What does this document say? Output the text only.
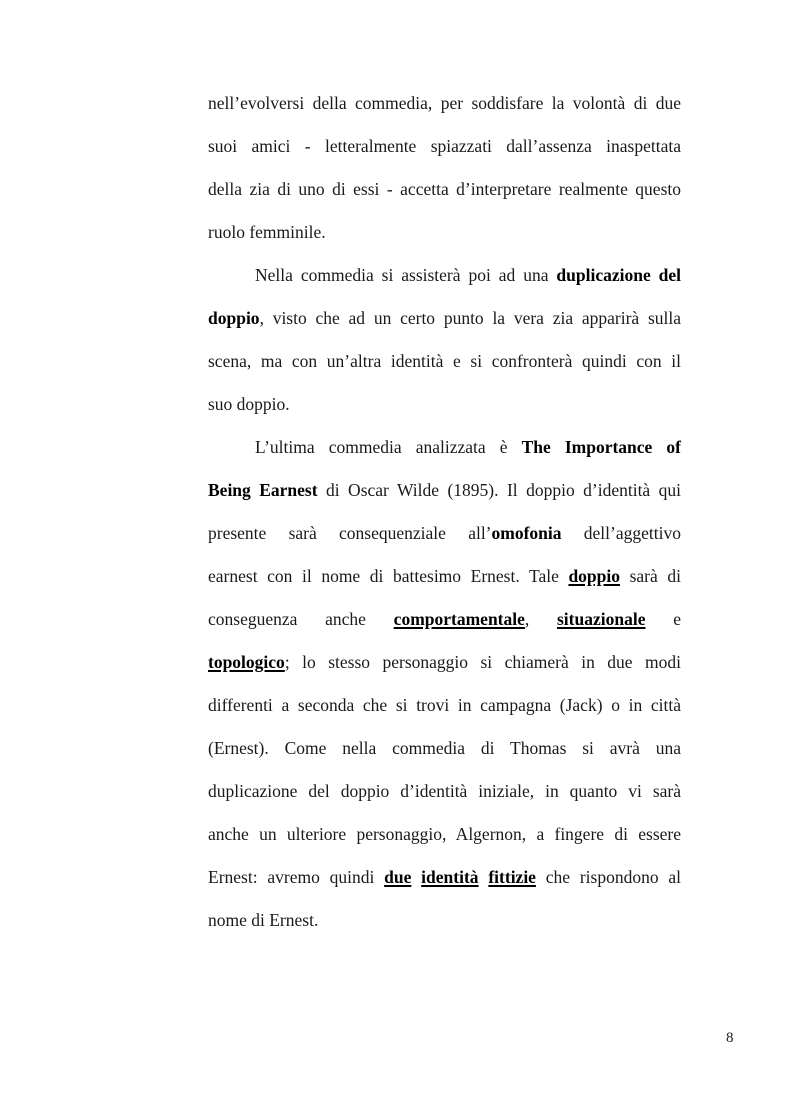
nell’evolversi della commedia, per soddisfare la volontà di due
suoi amici - letteralmente spiazzati dall’assenza inaspettata
della zia di uno di essi - accetta d’interpretare realmente questo
ruolo femminile.
Nella commedia si assisterà poi ad una duplicazione del
doppio, visto che ad un certo punto la vera zia apparirà sulla
scena, ma con un’altra identità e si confronterà quindi con il
suo doppio.
L’ultima commedia analizzata è The Importance of
Being Earnest di Oscar Wilde (1895). Il doppio d’identità qui
presente sarà consequenziale all’omofonia dell’aggettivo
earnest con il nome di battesimo Ernest. Tale doppio sarà di
conseguenza anche comportamentale, situazionale e
topologico; lo stesso personaggio si chiamerà in due modi
differenti a seconda che si trovi in campagna (Jack) o in città
(Ernest). Come nella commedia di Thomas si avrà una
duplicazione del doppio d’identità iniziale, in quanto vi sarà
anche un ulteriore personaggio, Algernon, a fingere di essere
Ernest: avremo quindi due identità fittizie che rispondono al
nome di Ernest.
8
